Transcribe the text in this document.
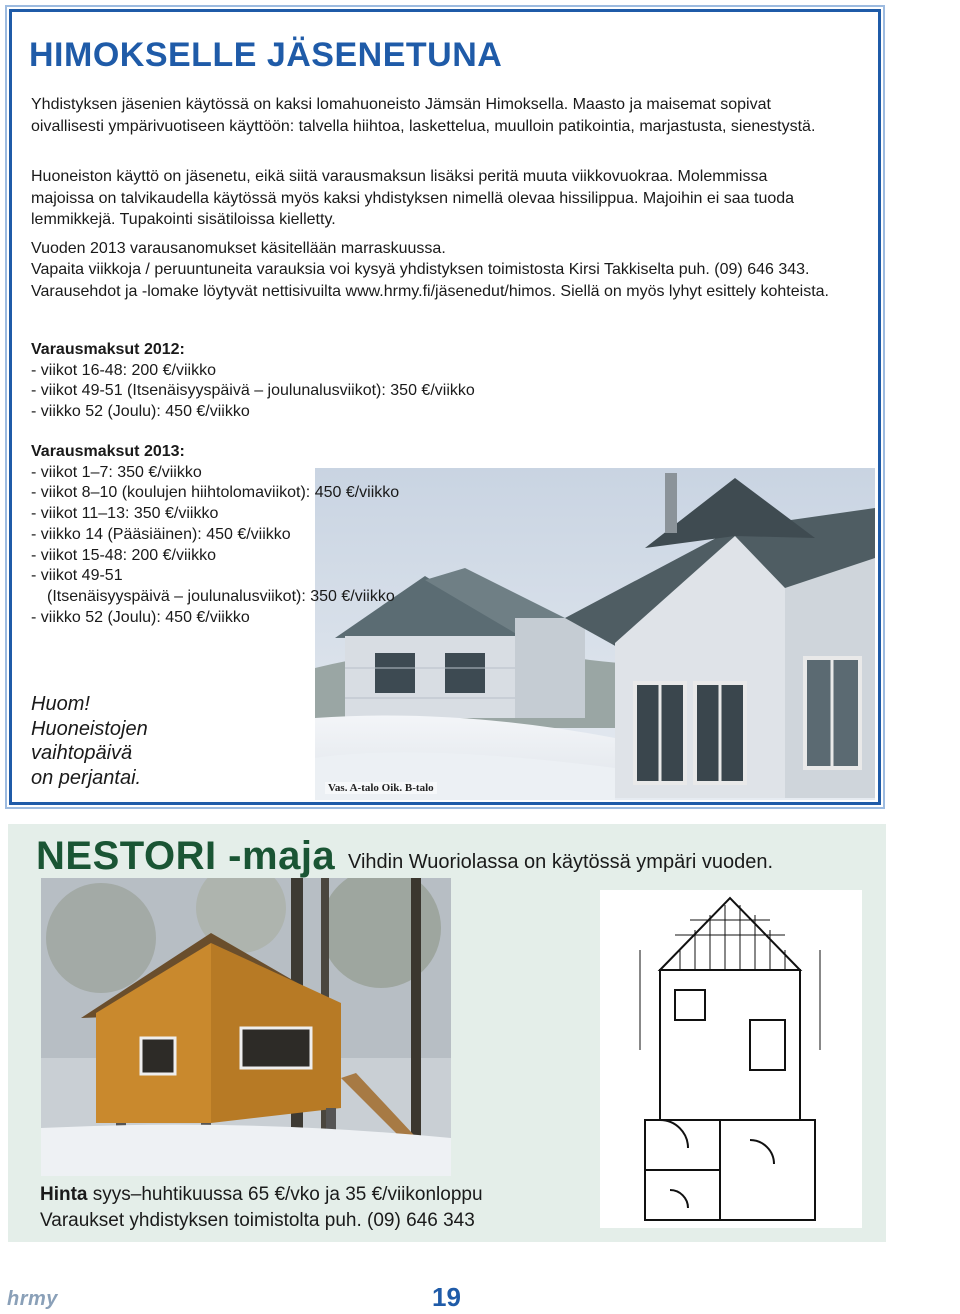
HIMOKSELLE JÄSENETUNA

Yhdistyksen jäsenien käytössä on kaksi lomahuoneisto Jämsän Himoksella. Maasto ja maisemat sopivat oivallisesti ympärivuotiseen käyttöön: talvella hiihtoa, laskettelua, muulloin patikointia, marjastusta, sienestystä.

Huoneiston käyttö on jäsenetu, eikä siitä varausmaksun lisäksi peritä muuta viikkovuokraa. Molemmissa majoissa on talvikaudella käytössä myös kaksi yhdistyksen nimellä olevaa hissilippua. Majoihin ei saa tuoda lemmikkejä. Tupakointi sisätiloissa kielletty.

Vuoden 2013 varausanomukset käsitellään marraskuussa.

Vapaita viikkoja / peruuntuneita varauksia voi kysyä yhdistyksen toimistosta Kirsi Takkiselta puh. (09) 646 343. Varausehdot ja -lomake löytyvät nettisivuilta www.hrmy.fi/jäsenedut/himos. Siellä on myös lyhyt esittely kohteista.

Varausmaksut 2012:
- viikot 16-48: 200 €/viikko
- viikot 49-51 (Itsenäisyyspäivä – joulunalusviikot): 350 €/viikko
- viikko 52 (Joulu): 450 €/viikko
Vas. A-talo Oik. B-talo
Varausmaksut 2013:
- viikot 1–7: 350 €/viikko
- viikot 8–10 (koulujen hiihtolomaviikot): 450 €/viikko
- viikot 11–13: 350 €/viikko
- viikko 14 (Pääsiäinen): 450 €/viikko
- viikot 15-48: 200 €/viikko
- viikot 49-51
(Itsenäisyyspäivä – joulunalusviikot): 350 €/viikko
- viikko 52 (Joulu): 450 €/viikko
Huom!
Huoneistojen
vaihtopäivä
on perjantai.
NESTORI -maja Vihdin Wuoriolassa on käytössä ympäri vuoden.
Hinta syys–huhtikuussa 65 €/vko ja 35 €/viikonloppu
Varaukset yhdistyksen toimistolta puh. (09) 646 343
hrmy	19
